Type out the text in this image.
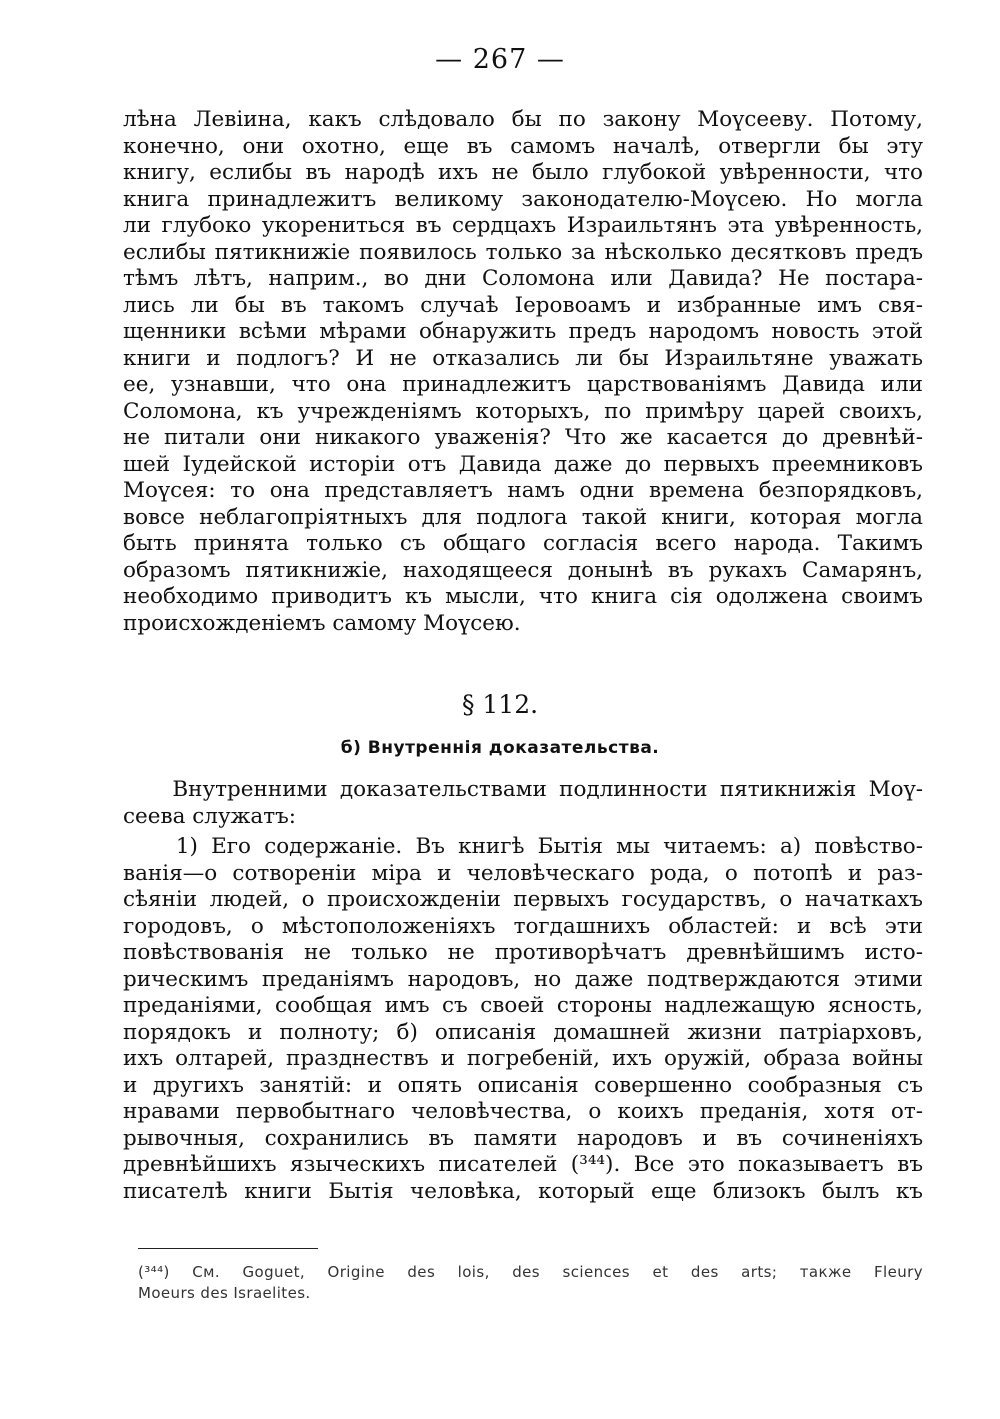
— 267 —
лѣна Левіина, какъ слѣдовало бы по закону Моүсееву. Потому,
конечно, они охотно, еще въ самомъ началѣ, отвергли бы эту
книгу, еслибы въ народѣ ихъ не было глубокой увѣренности, что
книга принадлежитъ великому законодателю-Моүсею. Но могла
ли глубоко укорениться въ сердцахъ Израильтянъ эта увѣренность,
еслибы пятикнижіе появилось только за нѣсколько десятковъ предъ
тѣмъ лѣтъ, наприм., во дни Соломона или Давида? Не постара-
лись ли бы въ такомъ случаѣ Іеровоамъ и избранные имъ свя-
щенники всѣми мѣрами обнаружить предъ народомъ новость этой
книги и подлогъ? И не отказались ли бы Израильтяне уважать
ее, узнавши, что она принадлежитъ царствованіямъ Давида или
Соломона, къ учрежденіямъ которыхъ, по примѣру царей своихъ,
не питали они никакого уваженія? Что же касается до древнѣй-
шей Іудейской исторіи отъ Давида даже до первыхъ преемниковъ
Моүсея: то она представляетъ намъ одни времена безпорядковъ,
вовсе неблагопріятныхъ для подлога такой книги, которая могла
быть принята только съ общаго согласія всего народа. Такимъ
образомъ пятикнижіе, находящееся донынѣ въ рукахъ Самарянъ,
необходимо приводитъ къ мысли, что книга сія одолжена своимъ
происхожденіемъ самому Моүсею.
§ 112.
б) Внутреннія доказательства.
Внутренними доказательствами подлинности пятикнижія Моү-
сеева служатъ:
1) Его содержаніе. Въ книгѣ Бытія мы читаемъ: а) повѣство-
ванія—о сотвореніи міра и человѣческаго рода, о потопѣ и раз-
сѣяніи людей, о происхожденіи первыхъ государствъ, о начаткахъ
городовъ, о мѣстоположеніяхъ тогдашнихъ областей: и всѣ эти
повѣствованія не только не противорѣчатъ древнѣйшимъ исто-
рическимъ преданіямъ народовъ, но даже подтверждаются этими
преданіями, сообщая имъ съ своей стороны надлежащую ясность,
порядокъ и полноту; б) описанія домашней жизни патріарховъ,
ихъ олтарей, празднествъ и погребеній, ихъ оружій, образа войны
и другихъ занятій: и опять описанія совершенно сообразныя съ
нравами первобытнаго человѣчества, о коихъ преданія, хотя от-
рывочныя, сохранились въ памяти народовъ и въ сочиненіяхъ
древнѣйшихъ языческихъ писателей (³⁴⁴). Все это показываетъ въ
писателѣ книги Бытія человѣка, который еще близокъ былъ къ
(³⁴⁴) См. Goguet, Origine des lois, des sciences et des arts; также Fleury
Moeurs des Israelites.
